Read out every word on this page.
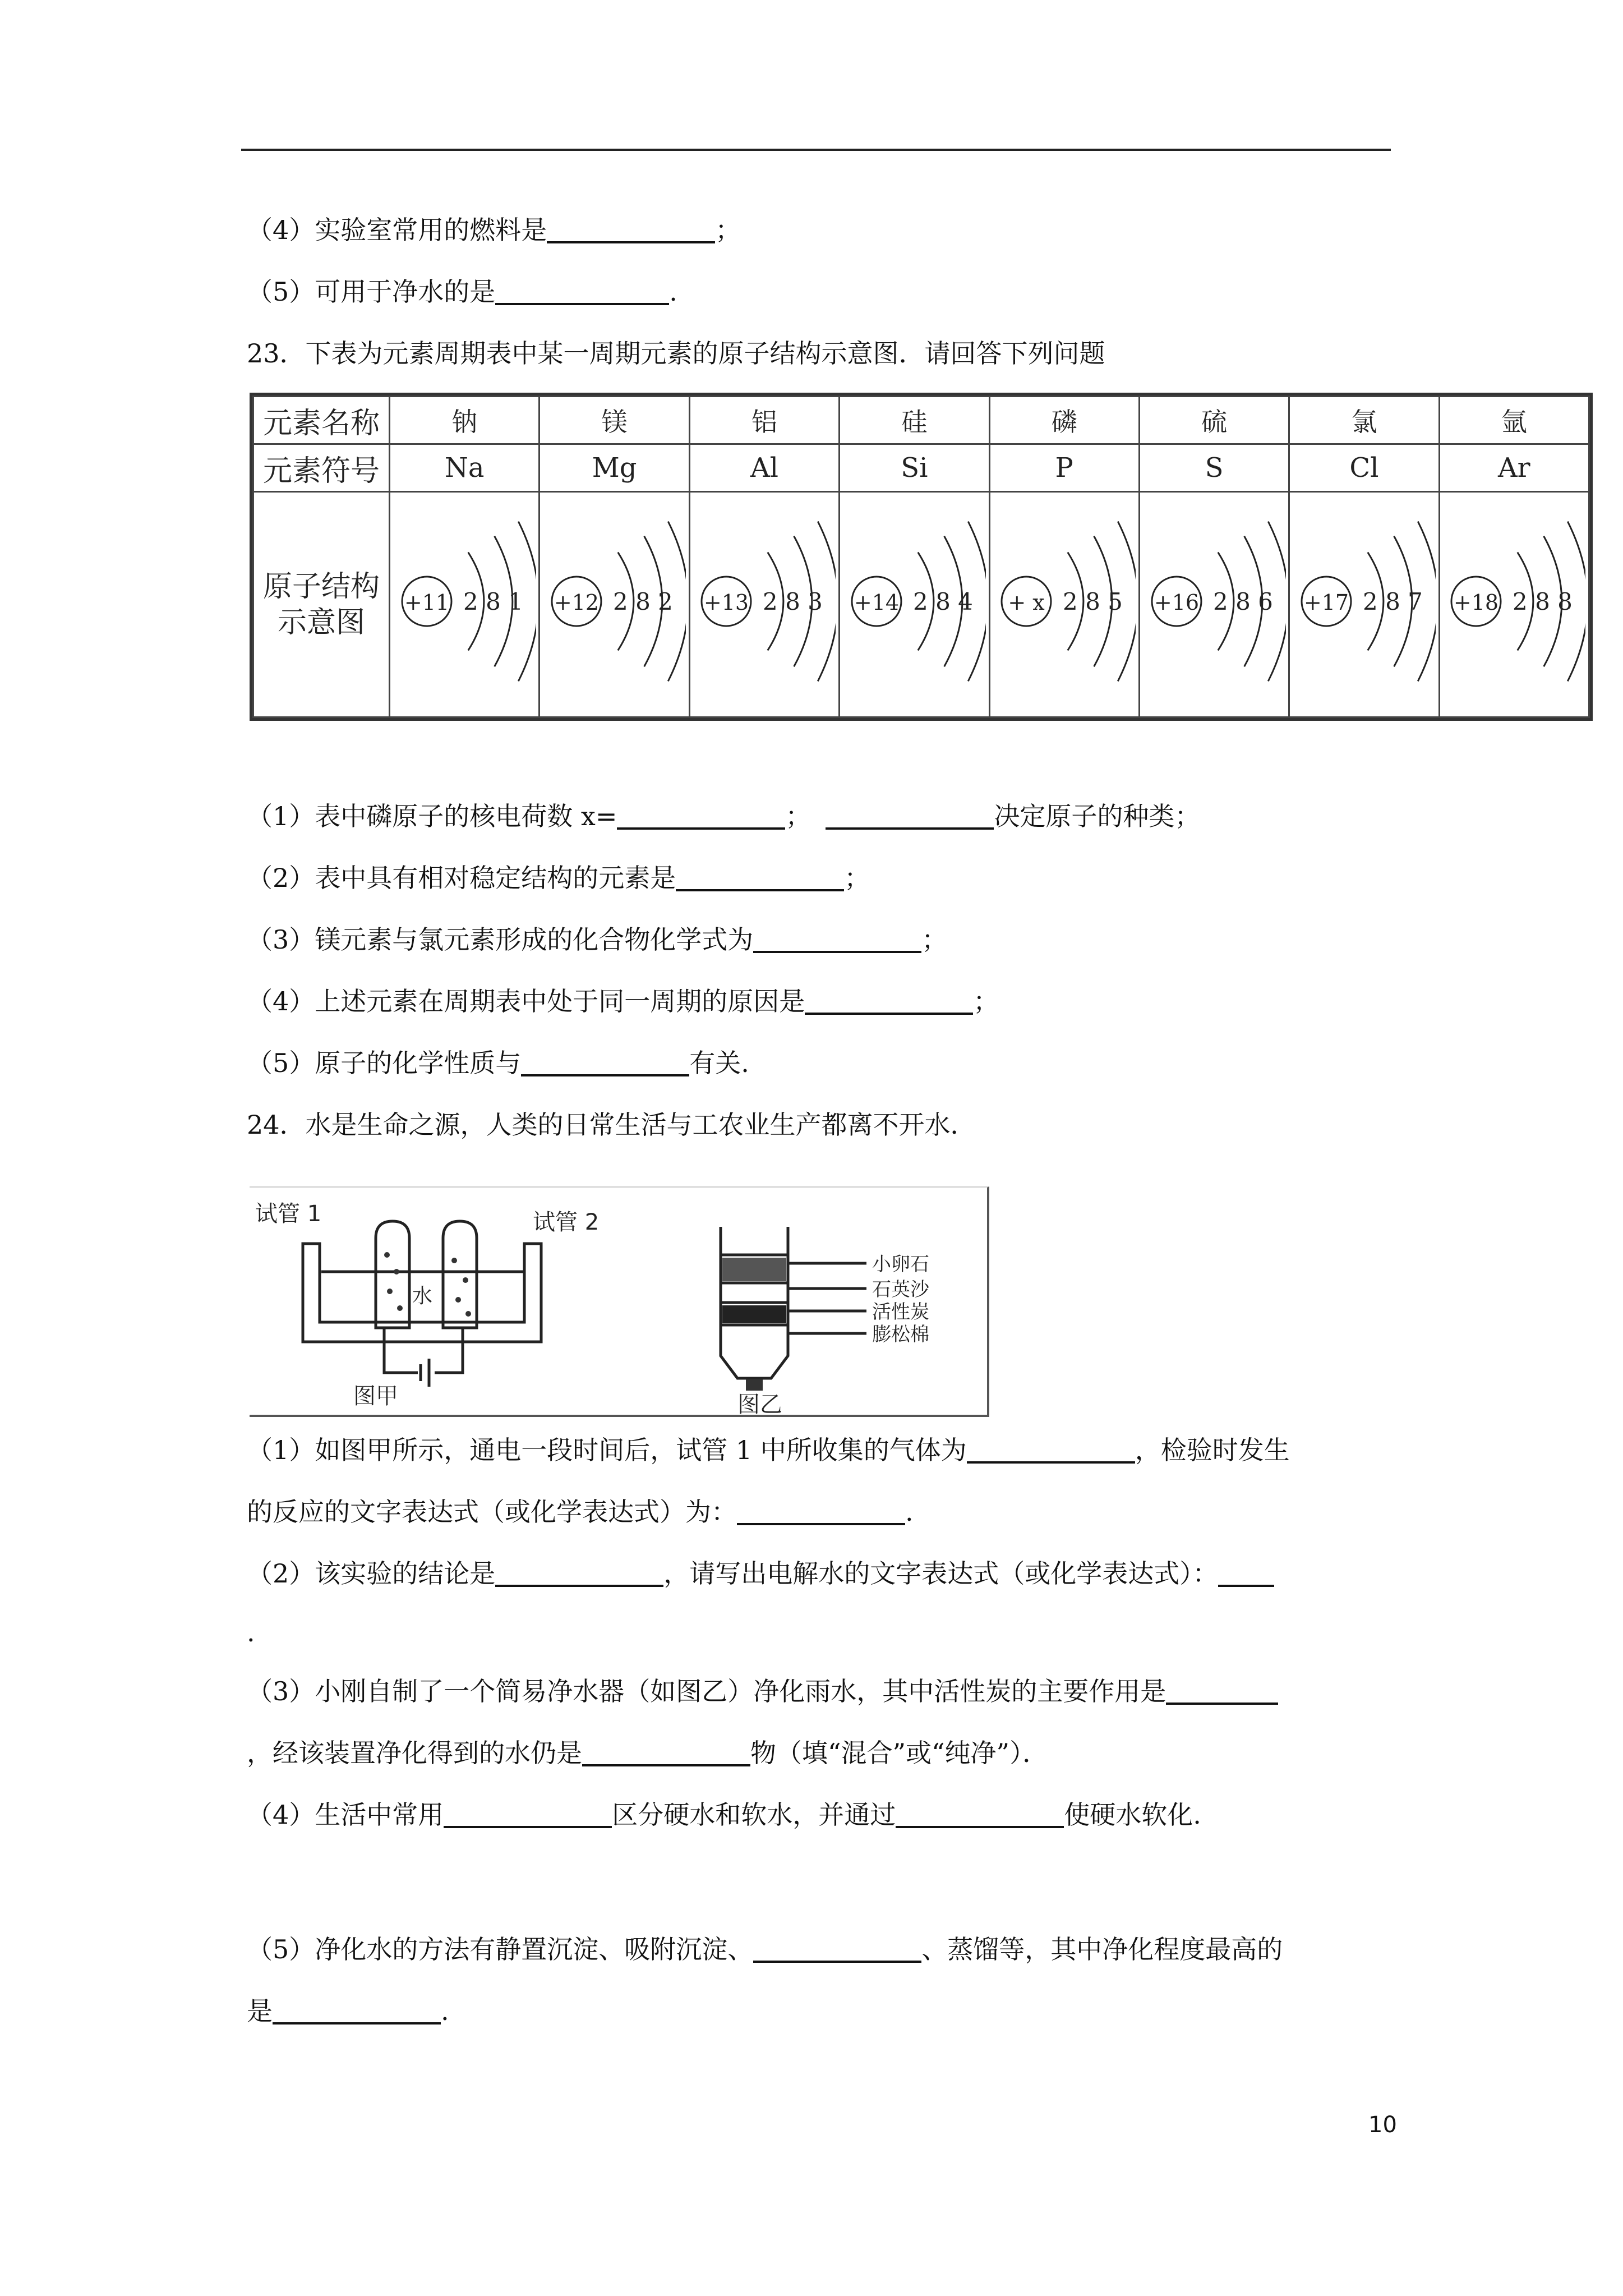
（4）实验室常用的燃料是	；
（5）可用于净水的是	.
23．下表为元素周期表中某一周期元素的原子结构示意图．请回答下列问题
元素名称	钠	镁	铝	硅	磷	硫	氯	氩
元素符号	Na	Mg	Al	Si	P	S	Cl	Ar
原子结构
示意图	+11 2 8 1	+12 2 8 2	+13 2 8 3	+14 2 8 4	+ x 2 8 5	+16 2 8 6	+17 2 8 7	+18 2 8 8
（1）表中磷原子的核电荷数 x=	；	决定原子的种类；
（2）表中具有相对稳定结构的元素是	；
（3）镁元素与氯元素形成的化合物化学式为	；
（4）上述元素在周期表中处于同一周期的原因是	；
（5）原子的化学性质与	有关.
24．水是生命之源，人类的日常生活与工农业生产都离不开水．
试管 1	试管 2
水
图甲	图乙
小卵石
石英沙
活性炭
膨松棉
（1）如图甲所示，通电一段时间后，试管 1 中所收集的气体为	，检验时发生
的反应的文字表达式（或化学表达式）为：	.
（2）该实验的结论是	，请写出电解水的文字表达式（或化学表达式）：
.
（3）小刚自制了一个简易净水器（如图乙）净化雨水，其中活性炭的主要作用是
，经该装置净化得到的水仍是	物（填“混合”或“纯净”）．
（4）生活中常用	区分硬水和软水，并通过	使硬水软化.
（5）净化水的方法有静置沉淀、吸附沉淀、	、蒸馏等，其中净化程度最高的
是	.
10
